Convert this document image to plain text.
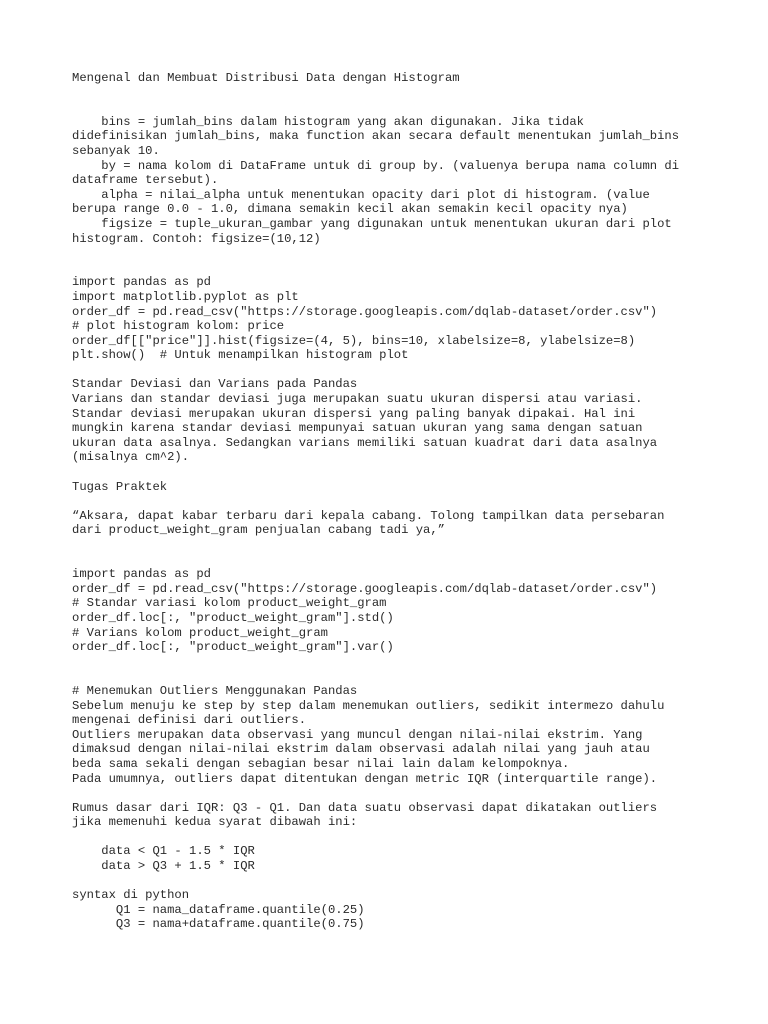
Mengenal dan Membuat Distribusi Data dengan Histogram
bins = jumlah_bins dalam histogram yang akan digunakan. Jika tidak
didefinisikan jumlah_bins, maka function akan secara default menentukan jumlah_bins
sebanyak 10.
by = nama kolom di DataFrame untuk di group by. (valuenya berupa nama column di
dataframe tersebut).
alpha = nilai_alpha untuk menentukan opacity dari plot di histogram. (value
berupa range 0.0 - 1.0, dimana semakin kecil akan semakin kecil opacity nya)
figsize = tuple_ukuran_gambar yang digunakan untuk menentukan ukuran dari plot
histogram. Contoh: figsize=(10,12)
import pandas as pd
import matplotlib.pyplot as plt
order_df = pd.read_csv("https://storage.googleapis.com/dqlab-dataset/order.csv")
# plot histogram kolom: price
order_df[["price"]].hist(figsize=(4, 5), bins=10, xlabelsize=8, ylabelsize=8)
plt.show()  # Untuk menampilkan histogram plot
Standar Deviasi dan Varians pada Pandas
Varians dan standar deviasi juga merupakan suatu ukuran dispersi atau variasi.
Standar deviasi merupakan ukuran dispersi yang paling banyak dipakai. Hal ini
mungkin karena standar deviasi mempunyai satuan ukuran yang sama dengan satuan
ukuran data asalnya. Sedangkan varians memiliki satuan kuadrat dari data asalnya
(misalnya cm^2).
Tugas Praktek
“Aksara, dapat kabar terbaru dari kepala cabang. Tolong tampilkan data persebaran
dari product_weight_gram penjualan cabang tadi ya,”
import pandas as pd
order_df = pd.read_csv("https://storage.googleapis.com/dqlab-dataset/order.csv")
# Standar variasi kolom product_weight_gram
order_df.loc[:, "product_weight_gram"].std()
# Varians kolom product_weight_gram
order_df.loc[:, "product_weight_gram"].var()
# Menemukan Outliers Menggunakan Pandas
Sebelum menuju ke step by step dalam menemukan outliers, sedikit intermezo dahulu
mengenai definisi dari outliers.
Outliers merupakan data observasi yang muncul dengan nilai-nilai ekstrim. Yang
dimaksud dengan nilai-nilai ekstrim dalam observasi adalah nilai yang jauh atau
beda sama sekali dengan sebagian besar nilai lain dalam kelompoknya.
Pada umumnya, outliers dapat ditentukan dengan metric IQR (interquartile range).
Rumus dasar dari IQR: Q3 - Q1. Dan data suatu observasi dapat dikatakan outliers
jika memenuhi kedua syarat dibawah ini:
data < Q1 - 1.5 * IQR
data > Q3 + 1.5 * IQR
syntax di python
Q1 = nama_dataframe.quantile(0.25)
Q3 = nama+dataframe.quantile(0.75)
